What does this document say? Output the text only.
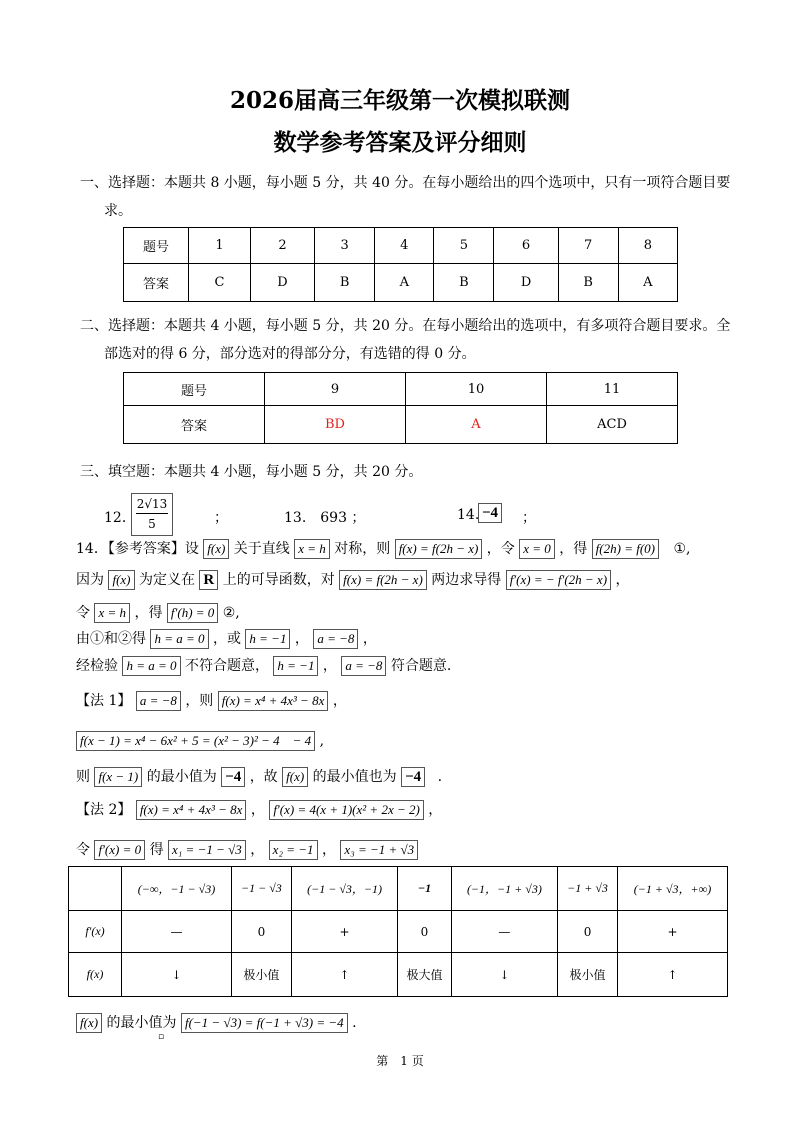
2026届高三年级第一次模拟联测
数学参考答案及评分细则
一、选择题：本题共 8 小题，每小题 5 分，共 40 分。在每小题给出的四个选项中，只有一项符合题目要
求。
题号	1	2	3	4	5	6	7	8
答案	C	D	B	A	B	D	B	A
二、选择题：本题共 4 小题，每小题 5 分，共 20 分。在每小题给出的选项中，有多项符合题目要求。全
部选对的得 6 分，部分选对的得部分分，有选错的得 0 分。
题号	9	10	11
答案	BD	A	ACD
三、填空题：本题共 4 小题，每小题 5 分，共 20 分。
12．
$\frac{2√13}{5}$	；	13.　693 ；	14. −4 ；
14．【参考答案】设 f(x) 关于直线 x = h 对称，则 f(x) = f(2h − x) ，令 x = 0 ，得 f(2h) = f(0) ①,
因为 f(x) 为定义在 R 上的可导函数，对 f(x) = f(2h − x) 两边求导得 f′(x) = − f′(2h − x) ，
令 x = h ，得 f′(h) = 0 ②,
由①和②得 h = a = 0 ，或 h = −1 ， a = −8 ，
经检验 h = a = 0 不符合题意， h = −1 ， a = −8 符合题意.
【法 1】 a = −8 ，则 f(x) = x⁴ + 4x³ − 8x ，
f(x − 1) = x⁴ − 6x² + 5 = (x² − 3)² − 4　− 4 ,
则 f(x − 1) 的最小值为 −4 ，故 f(x) 的最小值也为 −4 .
【法 2】 f(x) = x⁴ + 4x³ − 8x ， f′(x) = 4(x + 1)(x² + 2x − 2) ，
令 f′(x) = 0 得 x₁ = −1 − √3 ， x₂ = −1 ， x₃ = −1 + √3
	(−∞，−1 − √3)	−1 − √3	(−1 − √3，−1)	−1	(−1，−1 + √3)	−1 + √3	(−1 + √3，+∞)
f′(x)	—	0	+	0	—	0	+
f(x)	↓	极小值	↑	极大值	↓	极小值	↑
f(x) 的最小值为 f(−1 − √3) = f(−1 + √3) = −4 .
▫
第　1 页
